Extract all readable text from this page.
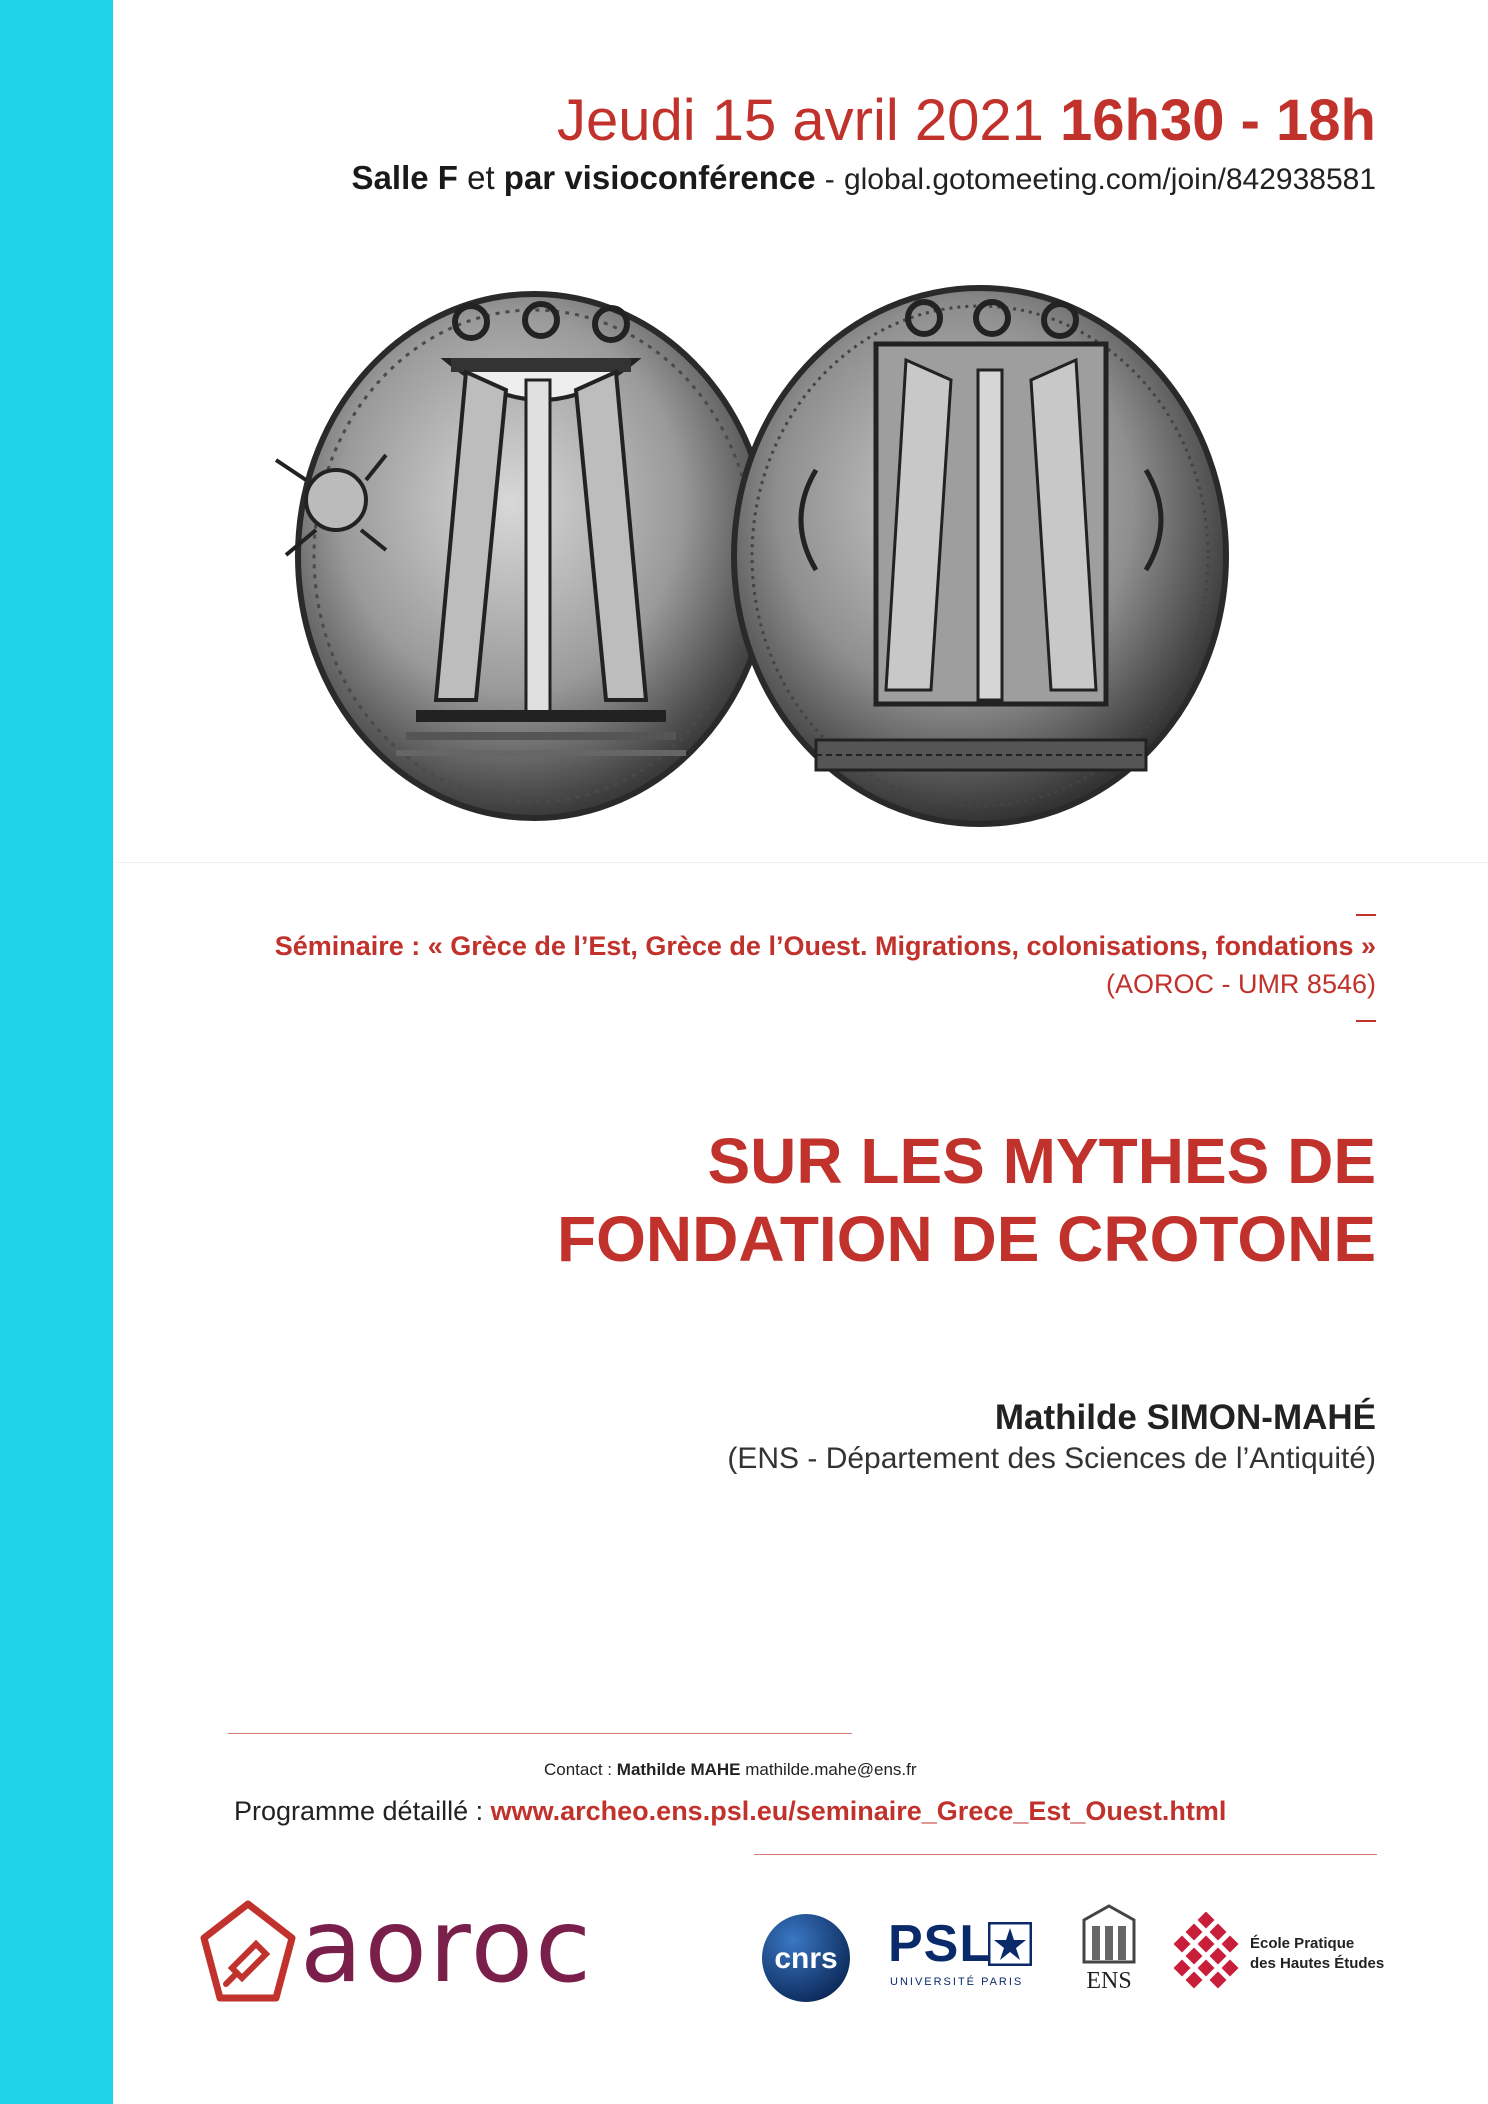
Jeudi 15 avril 2021 16h30 - 18h
Salle F et par visioconférence - global.gotomeeting.com/join/842938581
Séminaire : « Grèce de l’Est, Grèce de l’Ouest. Migrations, colonisations, fondations »
(AOROC - UMR 8546)
SUR LES MYTHES DE
FONDATION DE CROTONE
Mathilde SIMON-MAHÉ
(ENS - Département des Sciences de l’Antiquité)
Contact : Mathilde MAHE mathilde.mahe@ens.fr
Programme détaillé : www.archeo.ens.psl.eu/seminaire_Grece_Est_Ouest.html
aoroc	cnrs PSL
UNIVERSITÉ PARIS	ENS
École Pratique
des Hautes Études
